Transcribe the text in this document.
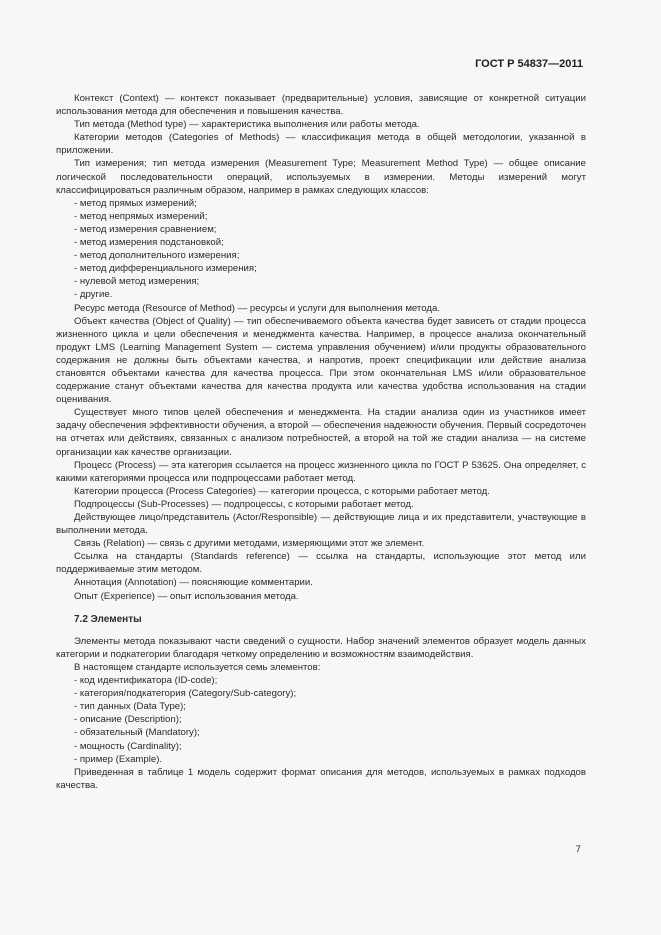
ГОСТ Р 54837—2011

Контекст (Context) — контекст показывает (предварительные) условия, зависящие от конкретной ситуации использования метода для обеспечения и повышения качества.

Тип метода (Method type) — характеристика выполнения или работы метода.

Категории методов (Categories of Methods) — классификация метода в общей методологии, указанной в приложении.

Тип измерения; тип метода измерения (Measurement Type; Measurement Method Type) — общее описание логической последовательности операций, используемых в измерении. Методы измерений могут классифицироваться различным образом, например в рамках следующих классов:

- метод прямых измерений;

- метод непрямых измерений;

- метод измерения сравнением;

- метод измерения подстановкой;

- метод дополнительного измерения;

- метод дифференциального измерения;

- нулевой метод измерения;

- другие.

Ресурс метода (Resource of Method) — ресурсы и услуги для выполнения метода.

Объект качества (Object of Quality) — тип обеспечиваемого объекта качества будет зависеть от стадии процесса жизненного цикла и цели обеспечения и менеджмента качества. Например, в процессе анализа окончательный продукт LMS (Learning Management System — система управления обучением) и/или продукты образовательного содержания не должны быть объектами качества, и напротив, проект спецификации или действие анализа становятся объектами качества для качества процесса. При этом окончательная LMS и/или образовательное содержание станут объектами качества для качества продукта или качества удобства использования на стадии оценивания.

Существует много типов целей обеспечения и менеджмента. На стадии анализа один из участников имеет задачу обеспечения эффективности обучения, а второй — обеспечения надежности обучения. Первый сосредоточен на отчетах или действиях, связанных с анализом потребностей, а второй на той же стадии анализа — на системе организации как качестве организации.

Процесс (Process) — эта категория ссылается на процесс жизненного цикла по ГОСТ Р 53625. Она определяет, с какими категориями процесса или подпроцессами работает метод.

Категории процесса (Process Categories) — категории процесса, с которыми работает метод.

Подпроцессы (Sub-Processes) — подпроцессы, с которыми работает метод.

Действующее лицо/представитель (Actor/Responsible) — действующие лица и их представители, участвующие в выполнении метода.

Связь (Relation) — связь с другими методами, измеряющими этот же элемент.

Ссылка на стандарты (Standards reference) — ссылка на стандарты, использующие этот метод или поддерживаемые этим методом.

Аннотация (Annotation) — поясняющие комментарии.

Опыт (Experience) — опыт использования метода.

7.2 Элементы

Элементы метода показывают части сведений о сущности. Набор значений элементов образует модель данных категории и подкатегории благодаря четкому определению и возможностям взаимодействия.

В настоящем стандарте используется семь элементов:

- код идентификатора (ID-code);

- категория/подкатегория (Category/Sub-category);

- тип данных (Data Type);

- описание (Description);

- обязательный (Mandatory);

- мощность (Cardinality);

- пример (Example).

Приведенная в таблице 1 модель содержит формат описания для методов, используемых в рамках подходов качества.

7
